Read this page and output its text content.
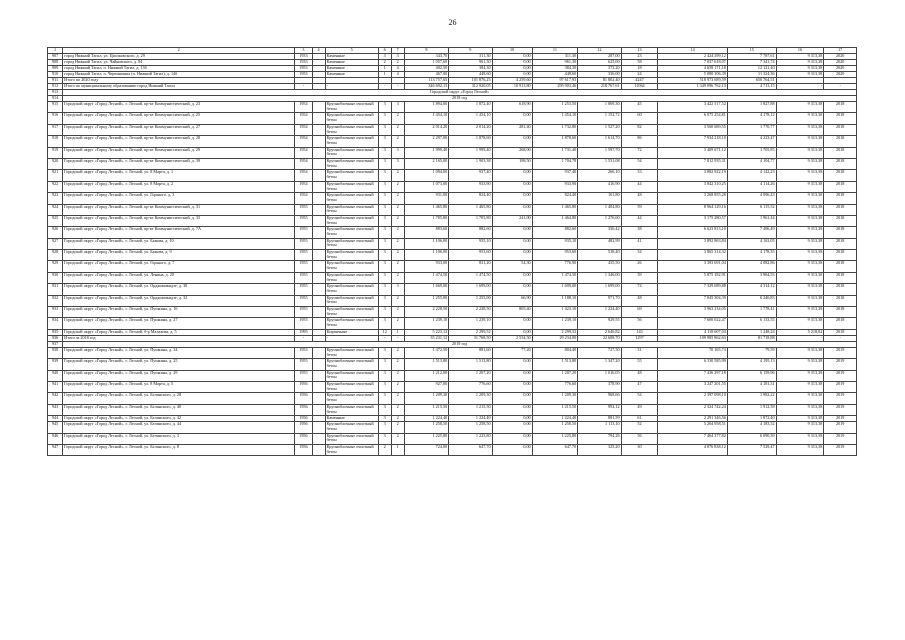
26
1	2	3	4	5	6	7	8	9	10	11	12	13	14	15	16	17
907	город Нижний Тагил, ул. Циолковского, д. 29	1933		Каменные	3	3	343,70	311,30	0,00	311,30	287,00	23	2 424 299,12	7 787,61	9 313,38	2020
908	город Нижний Тагил, ул. Чайковского, д. 94	1933		Каменные	2	2	1 057,60	961,30	0,00	961,30	625,00	58	7 037 618,07	7 341,74	9 313,38	2020
909	город Нижний Тагил, п. Нижний Тагил, д. 13б	1953		Каменные	1	4	402,50	384,30	0,00	384,30	373,20	18	4 658 171,18	12 121,40	9 313,38	2020
910	город Нижний Тагил, п. Черемшанка (п. Нижний Тагил), д. 14б	1953		Каменные	1	4	467,00	448,60	0,00	448,60	336,00	24	5 080 106,39	11 324,36	9 313,38	2020
911	Итого по 2020 году						113 757,65	101 876,25	4 259,60	97 617,93	81 802,40	4247	518 973 689,59	650 764,51		
912	Итого по муниципальному образованию город Нижний Тагил	-		-	-	-	346 692,13	312 920,05	10 913,80	295 903,46	218 767,61	11064	1 349 096 762,13	4 713,15	-	-
913	Городской округ «Город Лесной»															
914	2018 год															
915	Городской округ «Город Лесной», г. Лесной, пр-кт Коммунистический, д. 23	1954		Крупноблочные очистный бетон	3	3	1 894,00	1 872,40	618,90	1 253,50	1 069,30	45	3 422 517,52	1 827,88	9 313,38	2018
916	Городской округ «Город Лесной», г. Лесной, пр-кт Коммунистический, д. 25	1954		Крупноблочные очистный бетон	3	2	1 454,10	1 454,10	0,00	1 454,10	1 152,72	60	6 075 254,81	4 178,12	9 313,38	2018
917	Городской округ «Город Лесной», г. Лесной, пр-кт Коммунистический, д. 27	1954		Крупноблочные очистный бетон	3	2	2 014,20	2 014,20	281,40	1 732,80	1 527,20	82	3 560 689,55	1 770,77	9 313,38	2018
918	Городской округ «Город Лесной», г. Лесной, пр-кт Коммунистический, д. 28	1954		Крупноблочные очистный бетон	3	2	2 297,00	1 878,60	0,00	1 878,60	1 614,70	86	7 934 218,10	4 223,47	9 313,38	2018
919	Городской округ «Город Лесной», г. Лесной, пр-кт Коммунистический, д. 29	1954		Крупноблочные очистный бетон	3	3	1 999,40	1 999,40	268,00	1 731,40	1 597,70	72	3 409 671,12	1 705,85	9 313,38	2018
920	Городской округ «Город Лесной», г. Лесной, пр-кт Коммунистический, д. 39	1954		Крупноблочные очистный бетон	3	3	2 165,00	1 903,38	198,50	1 704,78	1 531,08	54	7 812 935,31	4 104,77	9 313,38	2018
921	Городской округ «Город Лесной», г. Лесной, ул. 8 Марта, д. 1	1954		Крупноблочные очистный бетон	3	2	1 094,00	937,40	0,00	937,40	266,10	33	3 882 922,19	4 142,23	9 313,38	2018
922	Городской округ «Город Лесной», г. Лесной, ул. 8 Марта, д. 2	1954		Крупноблочные очистный бетон	3	2	1 073,00	933,90	0,00	933,90	416,90	44	3 842 310,25	4 114,26	9 313,38	2018
923	Городской округ «Город Лесной», г. Лесной, ул. Горького, д. 3	1954		Крупноблочные очистный бетон	3	2	931,00	824,40	0,00	824,40	161,80	48	3 268 855,28	4 096,43	9 313,38	2018
924	Городской округ «Город Лесной», г. Лесной, пр-кт Коммунистический, д. 31	1955		Крупноблочные очистный бетон	3	2	1 465,80	1 465,80	0,00	1 465,80	1 404,80	59	8 964 129,16	6 115,52	9 313,38	2018
925	Городской округ «Город Лесной», г. Лесной, пр-кт Коммунистический, д. 33	1955		Крупноблочные очистный бетон	3	2	1 705,80	1 705,80	241,00	1 464,80	1 276,60	44	3 175 280,57	1 961,44	9 313,38	2018
926	Городской округ «Город Лесной», г. Лесной, пр-кт Коммунистический, д. 7А	1955		Крупноблочные очистный бетон	3	2	883,60	882,60	0,00	882,60	336,42	38	6 623 813,10	7 496,49	9 313,38	2018
927	Городской округ «Город Лесной», г. Лесной, ул. Бажова, д. 10	1955		Крупноблочные очистный бетон	3	2	1 106,00	935,10	0,00	935,10	482,99	41	3 892 863,84	4 163,05	9 313,38	2018
928	Городской округ «Город Лесной», г. Лесной, ул. Бажова, д. 9	1955		Крупноблочные очистный бетон	3	2	1 106,00	953,60	0,00	953,60	518,40	34	3 865 314,32	4 178,35	9 313,38	2018
929	Городской округ «Город Лесной», г. Лесной, ул. Горького, д. 7	1955		Крупноблочные очистный бетон	3	2	933,00	831,20	54,30	776,90	435,50	26	3 393 691,04	4 082,86	9 313,38	2018
930	Городской округ «Город Лесной», г. Лесной, ул. Ленина, д. 20	1955		Крупноблочные очистный бетон	3	2	1 474,50	1 474,50	0,00	1 474,50	1 346,00	39	5 875 182,91	3 984,53	9 313,38	2018
931	Городской округ «Город Лесной», г. Лесной, ул. Орджоникидзе, д. 30	1955		Крупноблочные очистный бетон	3	3	1 669,00	1 699,00	0,00	1 699,00	1 699,00	74	7 329 689,88	4 314,12	9 313,38	2018
932	Городской округ «Город Лесной», г. Лесной, ул. Орджоникидзе, д. 32	1955		Крупноблочные очистный бетон	3	2	1 255,00	1 255,00	66,90	1 188,10	971,70	48	7 845 304,39	6 246,83	9 313,38	2018
933	Городской округ «Город Лесной», г. Лесной, ул. Пушкина, д. 16	1955		Крупноблочные очистный бетон	3	2	2 228,50	2 228,50	805,40	1 423,10	1 224,40	69	3 963 234,05	1 778,41	9 313,38	2018
934	Городской округ «Город Лесной», г. Лесной, ул. Пушкина, д. 27	1955		Крупноблочные очистный бетон	3	2	1 239,10	1 239,10	0,00	1 239,10	929,55	56	7 600 022,47	6 133,55	9 313,38	2018
935	Городской округ «Город Лесной», г. Лесной, б-р Малахова, д. 5	1995		Кирпичные	12	1	5 223,12	2 299,52	0,00	2 299,52	2 646,82	143	4 118 607,04	1 248,24	5 218,02	2018
936	Итого за 2018 год	-		-	-	-	35 231,12	31 768,50	2 534,50	29 234,00	22 608,70	1297	109 985 862,63	81 718,88	-	-
937	2019 год															
938	Городской округ «Город Лесной», г. Лесной, ул. Пушкина, д. 34	1953		Крупноблочные очистный бетон	3	2	1 472,50	881,60	77,20	804,40	727,50	31	70 165,74	79,59	9 313,38	2019
939	Городской округ «Город Лесной», г. Лесной, ул. Пушкина, д. 25	1955		Крупноблочные очистный бетон	3	2	1 513,80	1 513,80	0,00	1 513,80	1 347,20	55	6 330 585,99	4 195,13	9 313,38	2019
940	Городской округ «Город Лесной», г. Лесной, ул. Пушкина, д. 29	1955		Крупноблочные очистный бетон	3	2	1 212,00	1 207,20	0,00	1 207,20	1 016,05	48	7 436 297,18	6 159,96	9 313,38	2019
941	Городской округ «Город Лесной», г. Лесной, ул. 8 Марта, д. 5	1956		Крупноблочные очистный бетон	3	2	927,00	776,60	0,00	776,60	378,90	47	3 247 201,55	4 181,31	9 313,38	2019
942	Городской округ «Город Лесной», г. Лесной, ул. Белинского, д. 28	1956		Крупноблочные очистный бетон	3	2	1 209,30	1 209,30	0,00	1 209,30	968,66	54	2 397 098,10	1 982,22	9 313,38	2019
943	Городской округ «Город Лесной», г. Лесной, ул. Белинского, д. 40	1956		Крупноблочные очистный бетон	3	2	1 215,50	1 215,50	0,00	1 215,50	992,12	49	2 324 742,24	1 912,58	9 313,38	2019
944	Городской округ «Город Лесной», г. Лесной, ул. Белинского, д. 42	1956		Каменные	3	2	1 224,40	1 224,40	0,00	1 224,40	881,59	61	2 291 346,56	1 872,40	9 313,38	2019
945	Городской округ «Город Лесной», г. Лесной, ул. Белинского, д. 44	1956		Крупноблочные очистный бетон	3	2	1 258,50	1 258,50	0,00	1 258,50	1 113,10	52	5 264 958,51	4 183,52	9 313,38	2019
946	Городской округ «Город Лесной», г. Лесной, ул. Белинского, д. 3	1956		Крупноблочные очистный бетон	3	2	1 225,80	1 225,80	0,00	1 225,80	794,26	56	7 464 377,82	6 090,39	9 313,38	2019
947	Городской округ «Город Лесной», г. Лесной, ул. Белинского, д. 8	1956		Крупноблочные очистный бетон	2	1	724,00	647,70	0,00	647,70	325,20	30	4 876 838,12	7 529,47	9 313,38	2019
